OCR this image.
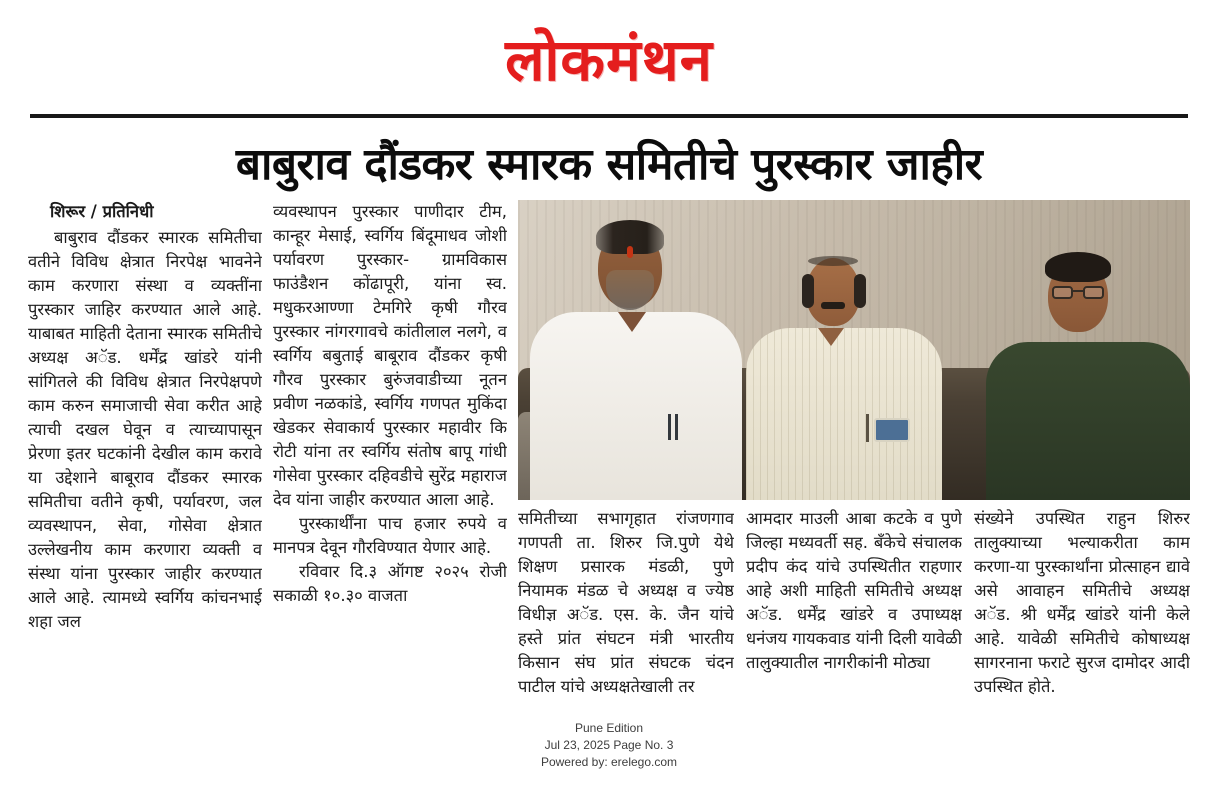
लोकमंथन
बाबुराव दौंडकर स्मारक समितीचे पुरस्कार जाहीर

शिरूर / प्रतिनिधी

बाबुराव दौंडकर स्मारक समितीचा वतीने विविध क्षेत्रात निरपेक्ष भावनेने काम करणारा संस्था व व्यक्तींना पुरस्कार जाहिर करण्यात आले आहे. याबाबत माहिती देताना स्मारक समितीचे अध्यक्ष अॅड. धर्मेंद्र खांडरे यांनी सांगितले की विविध क्षेत्रात निरपेक्षपणे काम करुन समाजाची सेवा करीत आहे त्याची दखल घेवून व त्याच्यापासून प्रेरणा इतर घटकांनी देखील काम करावे या उद्देशाने बाबूराव दौंडकर स्मारक समितीचा वतीने कृषी, पर्यावरण, जल व्यवस्थापन, सेवा, गोसेवा क्षेत्रात उल्लेखनीय काम करणारा व्यक्ती व संस्था यांना पुरस्कार जाहीर करण्यात आले आहे. त्यामध्ये स्वर्गिय कांचनभाई शहा जल

व्यवस्थापन पुरस्कार पाणीदार टीम, कान्हूर मेसाई, स्वर्गिय बिंदूमाधव जोशी पर्यावरण पुरस्कार- ग्रामविकास फाउंडैशन कोंढापूरी, यांना स्व. मधुकरआण्णा टेमगिरे कृषी गौरव पुरस्कार नांगरगावचे कांतीलाल नलगे, व स्वर्गिय बबुताई बाबूराव दौंडकर कृषी गौरव पुरस्कार बुरुंजवाडीच्या नूतन प्रवीण नळकांडे, स्वर्गिय गणपत मुकिंदा खेडकर सेवाकार्य पुरस्कार महावीर कि रोटी यांना तर स्वर्गिय संतोष बापू गांधी गोसेवा पुरस्कार दहिवडीचे सुरेंद्र महाराज देव यांना जाहीर करण्यात आला आहे.

पुरस्कार्थींना पाच हजार रुपये व मानपत्र देवून गौरविण्यात येणार आहे.

रविवार दि.३ ऑगष्ट २०२५ रोजी सकाळी १०.३० वाजता

समितीच्या सभागृहात रांजणगाव गणपती ता. शिरुर जि.पुणे येथे शिक्षण प्रसारक मंडळी, पुणे नियामक मंडळ चे अध्यक्ष व ज्येष्ठ विधीज्ञ अॅड. एस. के. जैन यांचे हस्ते प्रांत संघटन मंत्री भारतीय किसान संघ प्रांत संघटक चंदन पाटील यांचे अध्यक्षतेखाली तर

आमदार माउली आबा कटके व पुणे जिल्हा मध्यवर्ती सह. बँकेचे संचालक प्रदीप कंद यांचे उपस्थितीत राहणार आहे अशी माहिती समितीचे अध्यक्ष अॅड. धर्मेंद्र खांडरे व उपाध्यक्ष धनंजय गायकवाड यांनी दिली यावेळी तालुक्यातील नागरीकांनी मोठ्या

संख्येने उपस्थित राहुन शिरुर तालुक्याच्या भल्याकरीता काम करणा-या पुरस्कार्थांना प्रोत्साहन द्यावे असे आवाहन समितीचे अध्यक्ष अॅड. श्री धर्मेंद्र खांडरे यांनी केले आहे. यावेळी समितीचे कोषाध्यक्ष सागरनाना फराटे सुरज दामोदर आदी उपस्थित होते.

Pune Edition
Jul 23, 2025 Page No. 3
Powered by: erelego.com
